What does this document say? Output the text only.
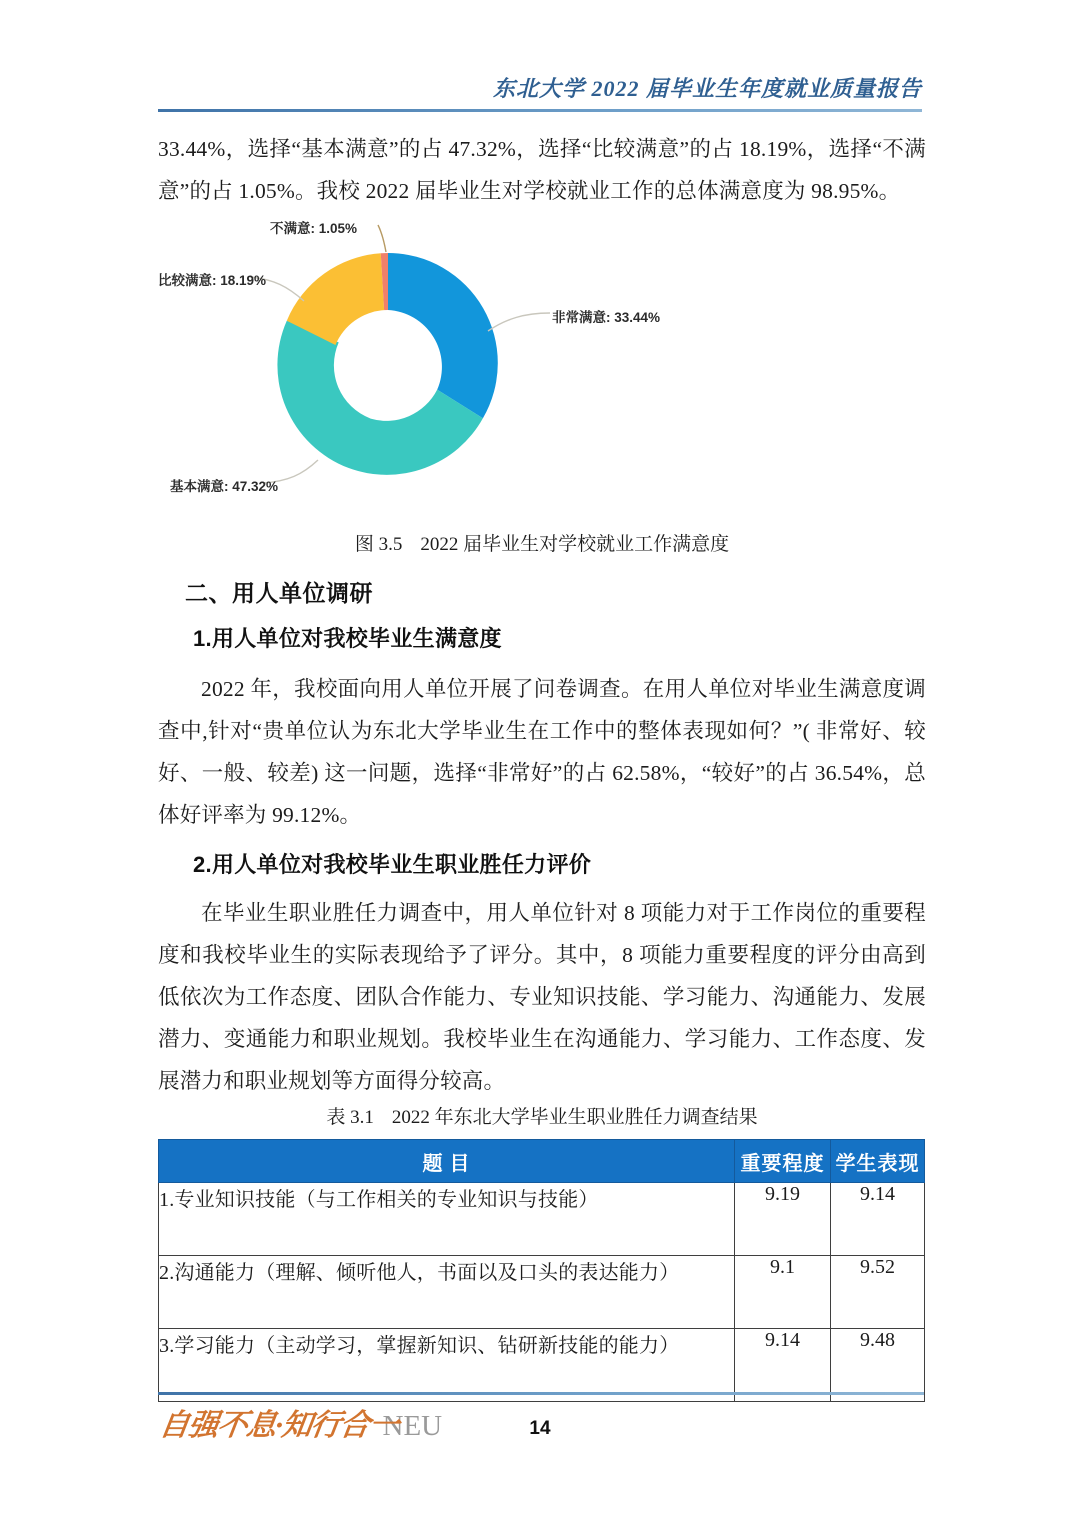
东北大学 2022 届毕业生年度就业质量报告
33.44%，选择“基本满意”的占 47.32%，选择“比较满意”的占 18.19%，选择“不满意”的占 1.05%。我校 2022 届毕业生对学校就业工作的总体满意度为 98.95%。
非常满意: 33.44%
基本满意: 47.32%
比较满意: 18.19%
不满意: 1.05%
图 3.5 2022 届毕业生对学校就业工作满意度
二、用人单位调研
1.用人单位对我校毕业生满意度
2022 年，我校面向用人单位开展了问卷调查。在用人单位对毕业生满意度调查中,针对“贵单位认为东北大学毕业生在工作中的整体表现如何？”( 非常好、较好、一般、较差) 这一问题，选择“非常好”的占 62.58%，“较好”的占 36.54%，总体好评率为 99.12%。
2.用人单位对我校毕业生职业胜任力评价
在毕业生职业胜任力调查中，用人单位针对 8 项能力对于工作岗位的重要程度和我校毕业生的实际表现给予了评分。其中，8 项能力重要程度的评分由高到低依次为工作态度、团队合作能力、专业知识技能、学习能力、沟通能力、发展潜力、变通能力和职业规划。我校毕业生在沟通能力、学习能力、工作态度、发展潜力和职业规划等方面得分较高。
表 3.1 2022 年东北大学毕业生职业胜任力调查结果
题 目	重要程度	学生表现
1.专业知识技能（与工作相关的专业知识与技能）	9.19	9.14
2.沟通能力（理解、倾听他人，书面以及口头的表达能力）	9.1	9.52
3.学习能力（主动学习，掌握新知识、钻研新技能的能力）	9.14	9.48
自强不息·知行合一NEU	14
